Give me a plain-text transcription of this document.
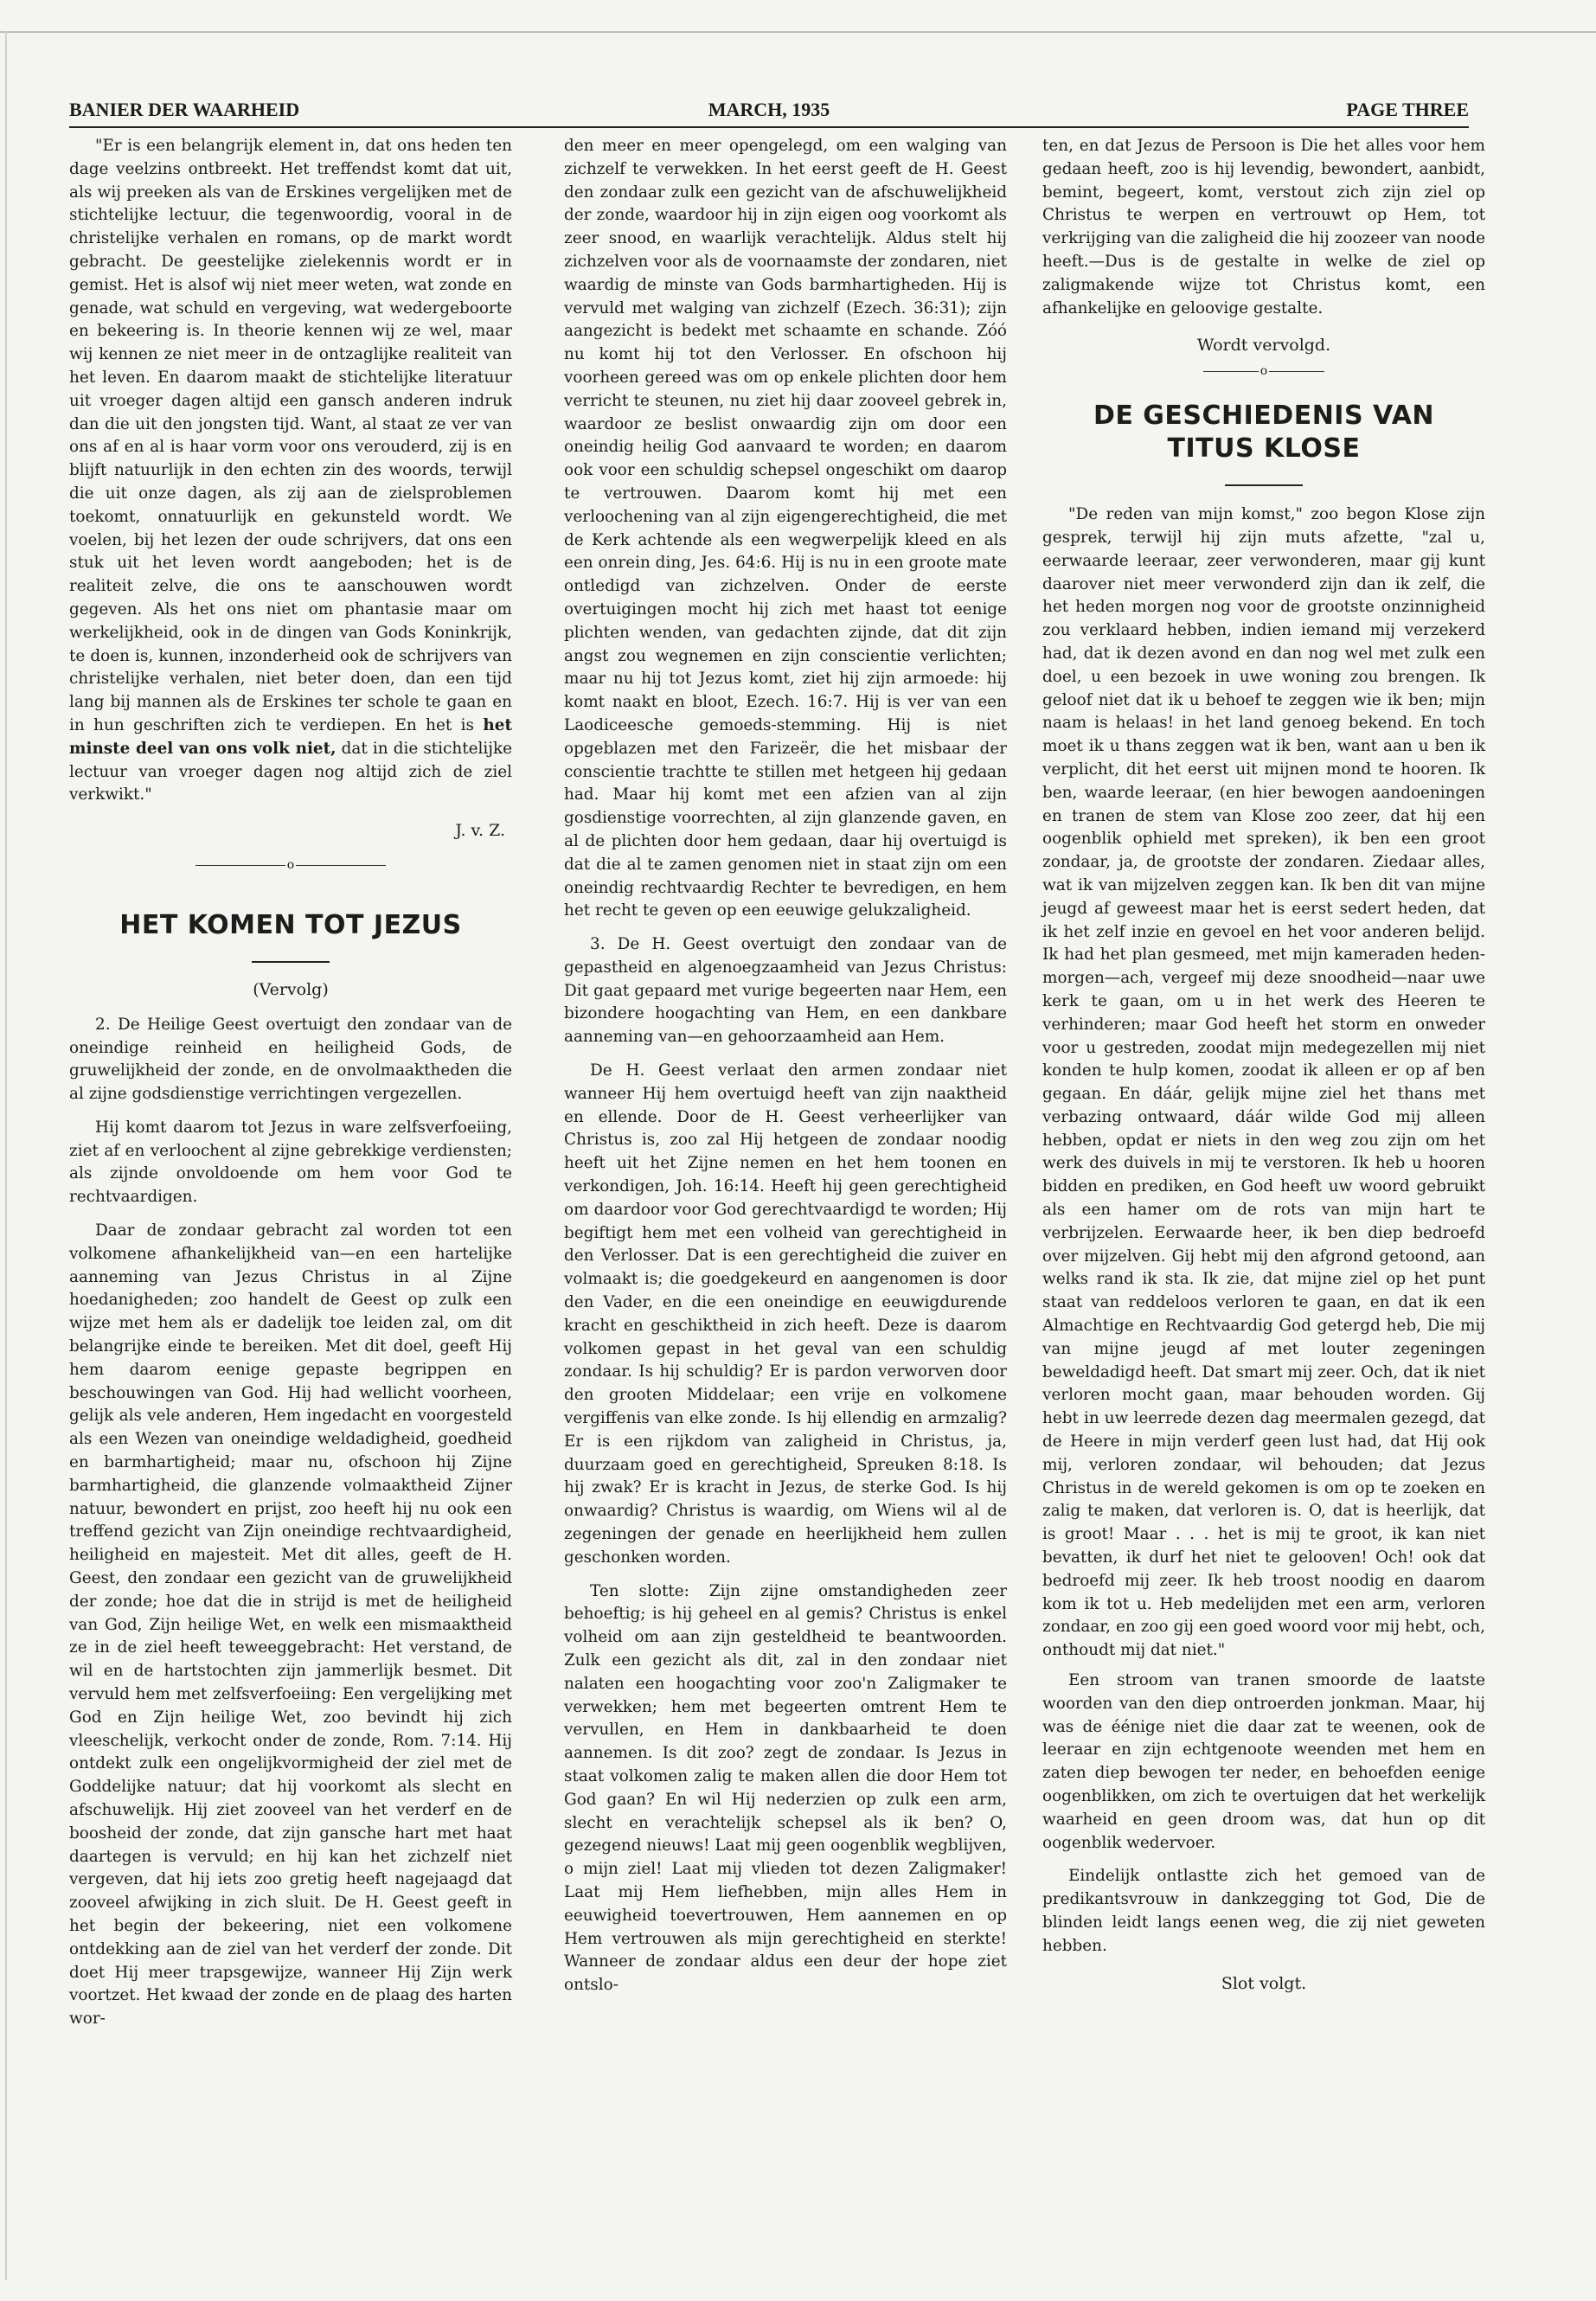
MARCH, 1935
BANIER DER WAARHEID	PAGE THREE

"Er is een belangrijk element in, dat ons heden ten dage veelzins ontbreekt. Het treffendst komt dat uit, als wij preeken als van de Erskines vergelijken met de stichtelijke lectuur, die tegenwoordig, vooral in de christelijke verhalen en romans, op de markt wordt gebracht. De geestelijke zielekennis wordt er in gemist. Het is alsof wij niet meer weten, wat zonde en genade, wat schuld en vergeving, wat wedergeboorte en bekeering is. In theorie kennen wij ze wel, maar wij kennen ze niet meer in de ontzaglijke realiteit van het leven. En daarom maakt de stichtelijke literatuur uit vroeger dagen altijd een gansch anderen indruk dan die uit den jongsten tijd. Want, al staat ze ver van ons af en al is haar vorm voor ons verouderd, zij is en blijft natuurlijk in den echten zin des woords, terwijl die uit onze dagen, als zij aan de zielsproblemen toekomt, onnatuurlijk en gekunsteld wordt. We voelen, bij het lezen der oude schrijvers, dat ons een stuk uit het leven wordt aangeboden; het is de realiteit zelve, die ons te aanschouwen wordt gegeven. Als het ons niet om phantasie maar om werkelijkheid, ook in de dingen van Gods Koninkrijk, te doen is, kunnen, inzonderheid ook de schrijvers van christelijke verhalen, niet beter doen, dan een tijd lang bij mannen als de Erskines ter schole te gaan en in hun geschriften zich te verdiepen. En het is het minste deel van ons volk niet, dat in die stichtelijke lectuur van vroeger dagen nog altijd zich de ziel verkwikt."

J. v. Z.
o
HET KOMEN TOT JEZUS
(Vervolg)

2. De Heilige Geest overtuigt den zondaar van de oneindige reinheid en heiligheid Gods, de gruwelijkheid der zonde, en de onvolmaaktheden die al zijne godsdienstige verrichtingen vergezellen.

Hij komt daarom tot Jezus in ware zelfsverfoeiing, ziet af en verloochent al zijne gebrekkige verdiensten; als zijnde onvoldoende om hem voor God te rechtvaardigen.

Daar de zondaar gebracht zal worden tot een volkomene afhankelijkheid van—en een hartelijke aanneming van Jezus Christus in al Zijne hoedanigheden; zoo handelt de Geest op zulk een wijze met hem als er dadelijk toe leiden zal, om dit belangrijke einde te bereiken. Met dit doel, geeft Hij hem daarom eenige gepaste begrippen en beschouwingen van God. Hij had wellicht voorheen, gelijk als vele anderen, Hem ingedacht en voorgesteld als een Wezen van oneindige weldadigheid, goedheid en barmhartigheid; maar nu, ofschoon hij Zijne barmhartigheid, die glanzende volmaaktheid Zijner natuur, bewondert en prijst, zoo heeft hij nu ook een treffend gezicht van Zijn oneindige rechtvaardigheid, heiligheid en majesteit. Met dit alles, geeft de H. Geest, den zondaar een gezicht van de gruwelijkheid der zonde; hoe dat die in strijd is met de heiligheid van God, Zijn heilige Wet, en welk een mismaaktheid ze in de ziel heeft teweeggebracht: Het verstand, de wil en de hartstochten zijn jammerlijk besmet. Dit vervuld hem met zelfsverfoeiing: Een vergelijking met God en Zijn heilige Wet, zoo bevindt hij zich vleeschelijk, verkocht onder de zonde, Rom. 7:14. Hij ontdekt zulk een ongelijkvormigheid der ziel met de Goddelijke natuur; dat hij voorkomt als slecht en afschuwelijk. Hij ziet zooveel van het verderf en de boosheid der zonde, dat zijn gansche hart met haat daartegen is vervuld; en hij kan het zichzelf niet vergeven, dat hij iets zoo gretig heeft nagejaagd dat zooveel afwijking in zich sluit. De H. Geest geeft in het begin der bekeering, niet een volkomene ontdekking aan de ziel van het verderf der zonde. Dit doet Hij meer trapsgewijze, wanneer Hij Zijn werk voortzet. Het kwaad der zonde en de plaag des harten wor-

den meer en meer opengelegd, om een walging van zichzelf te verwekken. In het eerst geeft de H. Geest den zondaar zulk een gezicht van de afschuwelijkheid der zonde, waardoor hij in zijn eigen oog voorkomt als zeer snood, en waarlijk verachtelijk. Aldus stelt hij zichzelven voor als de voornaamste der zondaren, niet waardig de minste van Gods barmhartigheden. Hij is vervuld met walging van zichzelf (Ezech. 36:31); zijn aangezicht is bedekt met schaamte en schande. Zóó nu komt hij tot den Verlosser. En ofschoon hij voorheen gereed was om op enkele plichten door hem verricht te steunen, nu ziet hij daar zooveel gebrek in, waardoor ze beslist onwaardig zijn om door een oneindig heilig God aanvaard te worden; en daarom ook voor een schuldig schepsel ongeschikt om daarop te vertrouwen. Daarom komt hij met een verloochening van al zijn eigengerechtigheid, die met de Kerk achtende als een wegwerpelijk kleed en als een onrein ding, Jes. 64:6. Hij is nu in een groote mate ontledigd van zichzelven. Onder de eerste overtuigingen mocht hij zich met haast tot eenige plichten wenden, van gedachten zijnde, dat dit zijn angst zou wegnemen en zijn conscientie verlichten; maar nu hij tot Jezus komt, ziet hij zijn armoede: hij komt naakt en bloot, Ezech. 16:7. Hij is ver van een Laodiceesche gemoeds-stemming. Hij is niet opgeblazen met den Farizeër, die het misbaar der conscientie trachtte te stillen met hetgeen hij gedaan had. Maar hij komt met een afzien van al zijn gosdienstige voorrechten, al zijn glanzende gaven, en al de plichten door hem gedaan, daar hij overtuigd is dat die al te zamen genomen niet in staat zijn om een oneindig rechtvaardig Rechter te bevredigen, en hem het recht te geven op een eeuwige gelukzaligheid.

3. De H. Geest overtuigt den zondaar van de gepastheid en algenoegzaamheid van Jezus Christus: Dit gaat gepaard met vurige begeerten naar Hem, een bizondere hoogachting van Hem, en een dankbare aanneming van—en gehoorzaamheid aan Hem.

De H. Geest verlaat den armen zondaar niet wanneer Hij hem overtuigd heeft van zijn naaktheid en ellende. Door de H. Geest verheerlijker van Christus is, zoo zal Hij hetgeen de zondaar noodig heeft uit het Zijne nemen en het hem toonen en verkondigen, Joh. 16:14. Heeft hij geen gerechtigheid om daardoor voor God gerechtvaardigd te worden; Hij begiftigt hem met een volheid van gerechtigheid in den Verlosser. Dat is een gerechtigheid die zuiver en volmaakt is; die goedgekeurd en aangenomen is door den Vader, en die een oneindige en eeuwigdurende kracht en geschiktheid in zich heeft. Deze is daarom volkomen gepast in het geval van een schuldig zondaar. Is hij schuldig? Er is pardon verworven door den grooten Middelaar; een vrije en volkomene vergiffenis van elke zonde. Is hij ellendig en armzalig? Er is een rijkdom van zaligheid in Christus, ja, duurzaam goed en gerechtigheid, Spreuken 8:18. Is hij zwak? Er is kracht in Jezus, de sterke God. Is hij onwaardig? Christus is waardig, om Wiens wil al de zegeningen der genade en heerlijkheid hem zullen geschonken worden.

Ten slotte: Zijn zijne omstandigheden zeer behoeftig; is hij geheel en al gemis? Christus is enkel volheid om aan zijn gesteldheid te beantwoorden. Zulk een gezicht als dit, zal in den zondaar niet nalaten een hoogachting voor zoo'n Zaligmaker te verwekken; hem met begeerten omtrent Hem te vervullen, en Hem in dankbaarheid te doen aannemen. Is dit zoo? zegt de zondaar. Is Jezus in staat volkomen zalig te maken allen die door Hem tot God gaan? En wil Hij nederzien op zulk een arm, slecht en verachtelijk schepsel als ik ben? O, gezegend nieuws! Laat mij geen oogenblik wegblijven, o mijn ziel! Laat mij vlieden tot dezen Zaligmaker! Laat mij Hem liefhebben, mijn alles Hem in eeuwigheid toevertrouwen, Hem aannemen en op Hem vertrouwen als mijn gerechtigheid en sterkte! Wanneer de zondaar aldus een deur der hope ziet ontslo-

ten, en dat Jezus de Persoon is Die het alles voor hem gedaan heeft, zoo is hij levendig, bewondert, aanbidt, bemint, begeert, komt, verstout zich zijn ziel op Christus te werpen en vertrouwt op Hem, tot verkrijging van die zaligheid die hij zoozeer van noode heeft.—Dus is de gestalte in welke de ziel op zaligmakende wijze tot Christus komt, een afhankelijke en geloovige gestalte.

Wordt vervolgd.
o
DE GESCHIEDENIS VAN
TITUS KLOSE

"De reden van mijn komst," zoo begon Klose zijn gesprek, terwijl hij zijn muts afzette, "zal u, eerwaarde leeraar, zeer verwonderen, maar gij kunt daarover niet meer verwonderd zijn dan ik zelf, die het heden morgen nog voor de grootste onzinnigheid zou verklaard hebben, indien iemand mij verzekerd had, dat ik dezen avond en dan nog wel met zulk een doel, u een bezoek in uwe woning zou brengen. Ik geloof niet dat ik u behoef te zeggen wie ik ben; mijn naam is helaas! in het land genoeg bekend. En toch moet ik u thans zeggen wat ik ben, want aan u ben ik verplicht, dit het eerst uit mijnen mond te hooren. Ik ben, waarde leeraar, (en hier bewogen aandoeningen en tranen de stem van Klose zoo zeer, dat hij een oogenblik ophield met spreken), ik ben een groot zondaar, ja, de grootste der zondaren. Ziedaar alles, wat ik van mijzelven zeggen kan. Ik ben dit van mijne jeugd af geweest maar het is eerst sedert heden, dat ik het zelf inzie en gevoel en het voor anderen belijd. Ik had het plan gesmeed, met mijn kameraden heden-morgen—ach, vergeef mij deze snoodheid—naar uwe kerk te gaan, om u in het werk des Heeren te verhinderen; maar God heeft het storm en onweder voor u gestreden, zoodat mijn medegezellen mij niet konden te hulp komen, zoodat ik alleen er op af ben gegaan. En dáár, gelijk mijne ziel het thans met verbazing ontwaard, dáár wilde God mij alleen hebben, opdat er niets in den weg zou zijn om het werk des duivels in mij te verstoren. Ik heb u hooren bidden en prediken, en God heeft uw woord gebruikt als een hamer om de rots van mijn hart te verbrijzelen. Eerwaarde heer, ik ben diep bedroefd over mijzelven. Gij hebt mij den afgrond getoond, aan welks rand ik sta. Ik zie, dat mijne ziel op het punt staat van reddeloos verloren te gaan, en dat ik een Almachtige en Rechtvaardig God getergd heb, Die mij van mijne jeugd af met louter zegeningen beweldadigd heeft. Dat smart mij zeer. Och, dat ik niet verloren mocht gaan, maar behouden worden. Gij hebt in uw leerrede dezen dag meermalen gezegd, dat de Heere in mijn verderf geen lust had, dat Hij ook mij, verloren zondaar, wil behouden; dat Jezus Christus in de wereld gekomen is om op te zoeken en zalig te maken, dat verloren is. O, dat is heerlijk, dat is groot! Maar . . . het is mij te groot, ik kan niet bevatten, ik durf het niet te gelooven! Och! ook dat bedroefd mij zeer. Ik heb troost noodig en daarom kom ik tot u. Heb medelijden met een arm, verloren zondaar, en zoo gij een goed woord voor mij hebt, och, onthoudt mij dat niet."

Een stroom van tranen smoorde de laatste woorden van den diep ontroerden jonkman. Maar, hij was de éénige niet die daar zat te weenen, ook de leeraar en zijn echtgenoote weenden met hem en zaten diep bewogen ter neder, en behoefden eenige oogenblikken, om zich te overtuigen dat het werkelijk waarheid en geen droom was, dat hun op dit oogenblik wedervoer.

Eindelijk ontlastte zich het gemoed van de predikantsvrouw in dankzegging tot God, Die de blinden leidt langs eenen weg, die zij niet geweten hebben.

Slot volgt.
